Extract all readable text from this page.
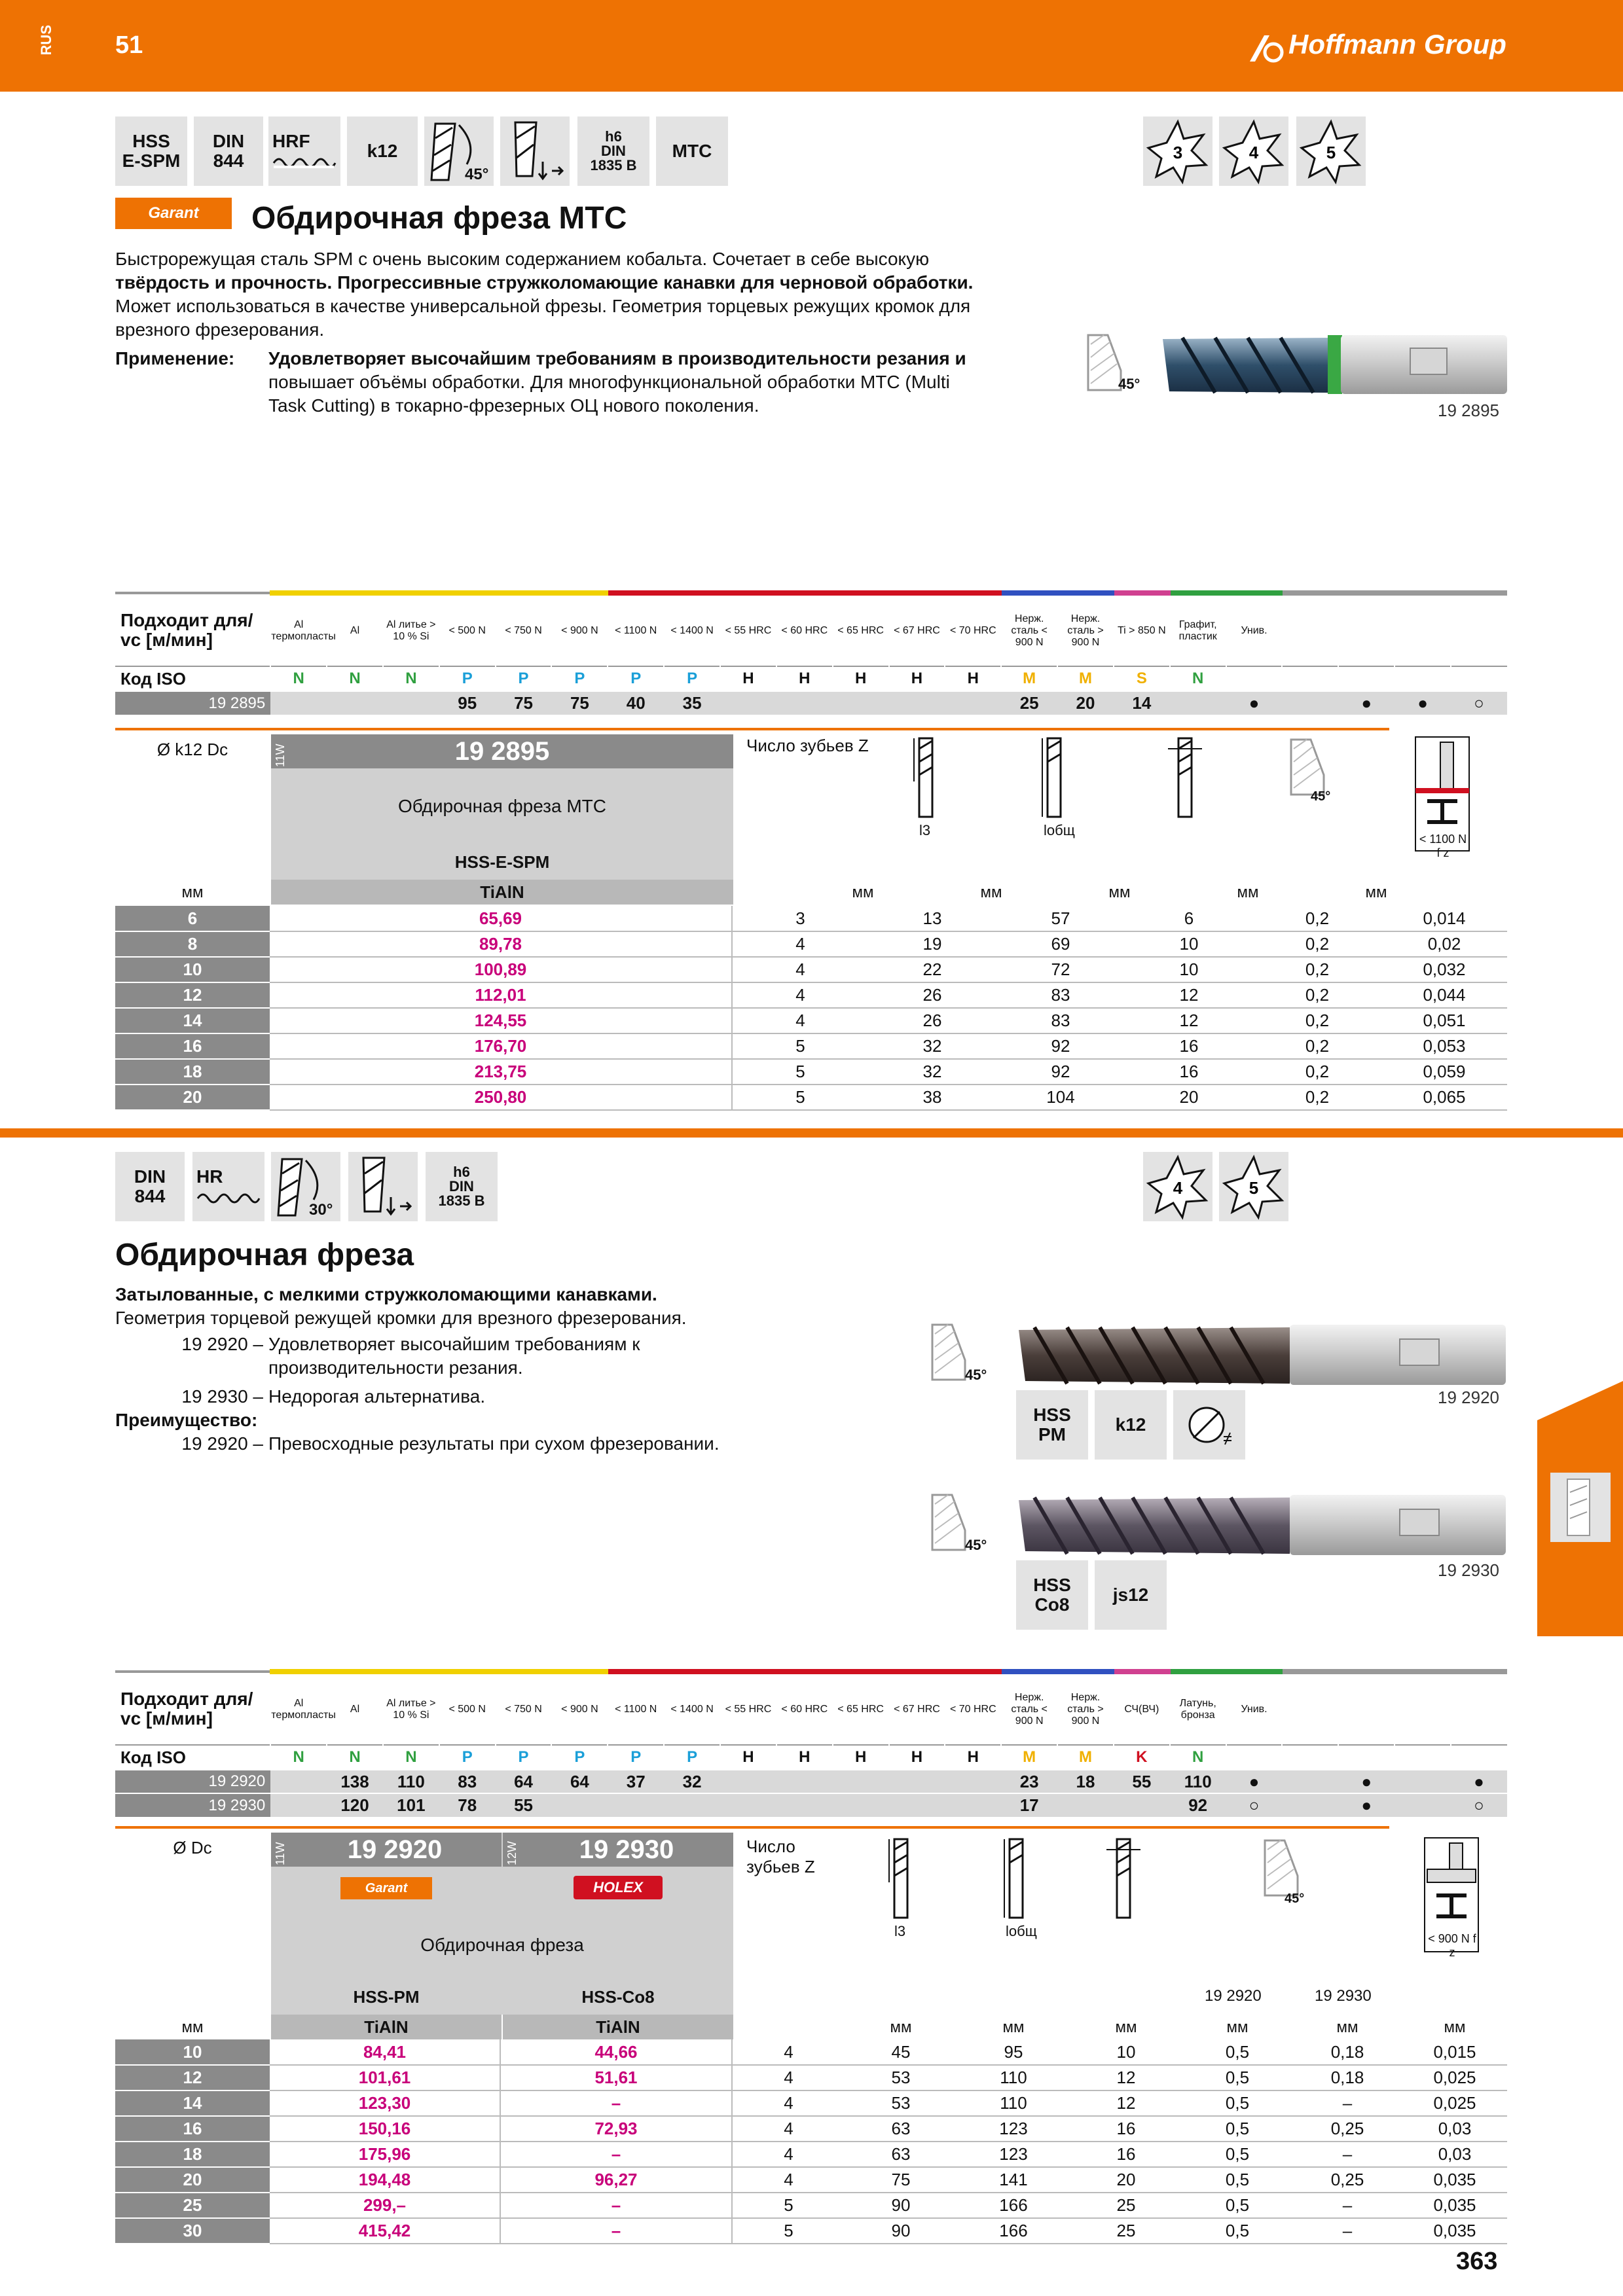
RUS 51	Hoffmann Group
HSS
E-SPM
DIN
844
HRF	k12
45°
h6
DIN
1835 B
MTC	3	4	5
Garant	Обдирочная фреза MTC
Быстрорежущая сталь SPM с очень высоким содержанием кобальта. Сочетает в себе высокую
твёрдость и прочность. Прогрессивные стружколомающие канавки для черновой обработки.
Может использоваться в качестве универсальной фрезы. Геометрия торцевых режущих кромок для
врезного фрезерования.
Применение: Удовлетворяет высочайшим требованиям в производительности резания и
повышает объёмы обработки. Для многофункциональной обработки MTC (Multi
Task Cutting) в токарно-фрезерных ОЦ нового поколения.
45°
19 2895
Подходит для/ vc [м/мин]	Al термопласты	Al	Al литье > 10 % Si	< 500 N	< 750 N	< 900 N	< 1100 N	< 1400 N	< 55 HRC	< 60 HRC	< 65 HRC	< 67 HRC	< 70 HRC	Нерж. сталь < 900 N	Нерж. сталь > 900 N	Ti > 850 N	Графит, пластик	Унив.				
Код ISO	N	N	N	P	P	P	P	P	H	H	H	H	H	M	M	S	N					
19 2895				95	75	75	40	35						25	20	14		●		●	●	○
Ø k12 Dc	11W	19 2895
Обдирочная фреза MTC
HSS-E-SPM
TiAlN
мм
Число зубьев Z
l3	lобщ
45°
< 1100 N f z
6	65,69	3	13	57	6	0,2	0,014
8	89,78	4	19	69	10	0,2	0,02
10	100,89	4	22	72	10	0,2	0,032
12	112,01	4	26	83	12	0,2	0,044
14	124,55	4	26	83	12	0,2	0,051
16	176,70	5	32	92	16	0,2	0,053
18	213,75	5	32	92	16	0,2	0,059
20	250,80	5	38	104	20	0,2	0,065
мм	мм	мм	мм	мм
DIN
844
HR
30°
h6
DIN
1835 B
4	5
Обдирочная фреза
Затылованные, с мелкими стружколомающими канавками.
Геометрия торцевой режущей кромки для врезного фрезерования.
19 2920 – Удовлетворяет высочайшим требованиям к
производительности резания.
19 2930 – Недорогая альтернатива.
Преимущество:
19 2920 – Превосходные результаты при сухом фрезеровании.
45°
HSS
PM	k12
19 2920
45°
HSS
Co8	js12
19 2930
Подходит для/ vc [м/мин]	Al термопласты	Al	Al литье > 10 % Si	< 500 N	< 750 N	< 900 N	< 1100 N	< 1400 N	< 55 HRC	< 60 HRC	< 65 HRC	< 67 HRC	< 70 HRC	Нерж. сталь < 900 N	Нерж. сталь > 900 N	СЧ(ВЧ)	Латунь, бронза	Унив.				
Код ISO	N	N	N	P	P	P	P	P	H	H	H	H	H	M	M	K	N					
19 2920		138	110	83	64	64	37	32						23	18	55	110	●		●		●
19 2930		120	101	78	55									17			92	○		●		○
Ø Dc	11W	12W
19 2920	19 2930
Garant	HOLEX
Обдирочная фреза
HSS-PM	HSS-Co8
TiAlN	TiAlN
мм
Число зубьев Z
l3	lобщ
45°
< 900 N f z
19 2920	19 2930
мм	мм	мм	мм	мм	мм
10	84,41	44,66	4	45	95	10	0,5	0,18	0,015
12	101,61	51,61	4	53	110	12	0,5	0,18	0,025
14	123,30	–	4	53	110	12	0,5	–	0,025
16	150,16	72,93	4	63	123	16	0,5	0,25	0,03
18	175,96	–	4	63	123	16	0,5	–	0,03
20	194,48	96,27	4	75	141	20	0,5	0,25	0,035
25	299,–	–	5	90	166	25	0,5	–	0,035
30	415,42	–	5	90	166	25	0,5	–	0,035
363
